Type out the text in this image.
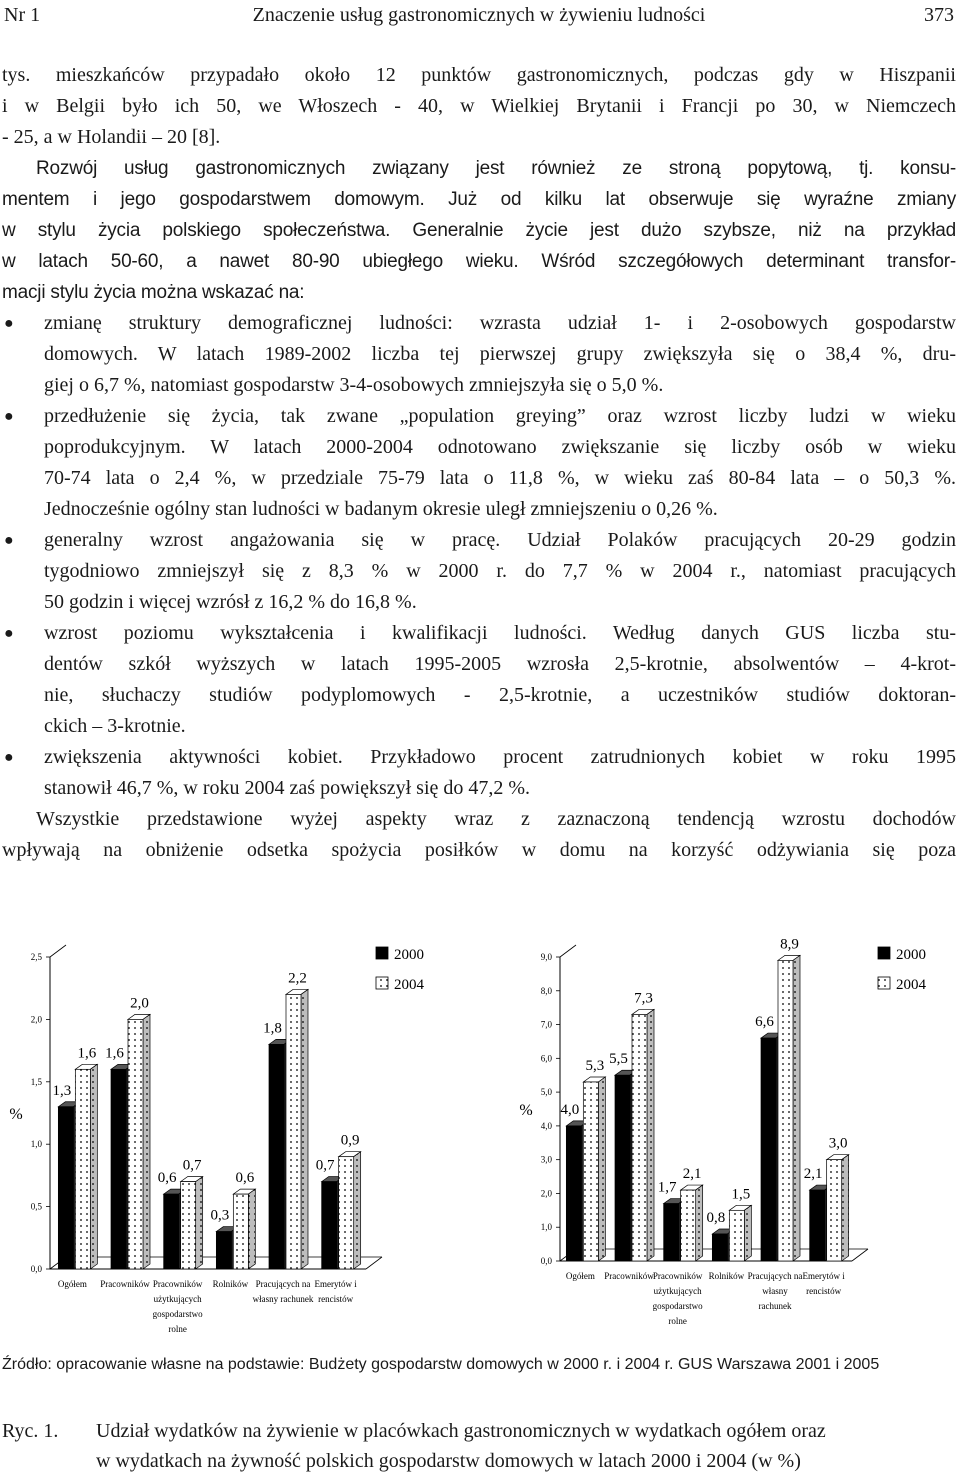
Nr 1	Znaczenie usług gastronomicznych w żywieniu ludności	373
tys. mieszkańców przypadało około 12 punktów gastronomicznych, podczas gdy w Hiszpanii
i w Belgii było ich 50, we Włoszech - 40, w Wielkiej Brytanii i Francji po 30, w Niemczech
- 25, a w Holandii – 20 [8].
Rozwój usług gastronomicznych związany jest również ze stroną popytową, tj. konsu-
mentem i jego gospodarstwem domowym. Już od kilku lat obserwuje się wyraźne zmiany
w stylu życia polskiego społeczeństwa. Generalnie życie jest dużo szybsze, niż na przykład
w latach 50-60, a nawet 80-90 ubiegłego wieku. Wśród szczegółowych determinant transfor-
macji stylu życia można wskazać na:
● zmianę struktury demograficznej ludności: wzrasta udział 1- i 2-osobowych gospodarstw
domowych. W latach 1989-2002 liczba tej pierwszej grupy zwiększyła się o 38,4 %, dru-
giej o 6,7 %, natomiast gospodarstw 3-4-osobowych zmniejszyła się o 5,0 %.
● przedłużenie się życia, tak zwane „population greying” oraz wzrost liczby ludzi w wieku
poprodukcyjnym. W latach 2000-2004 odnotowano zwiększanie się liczby osób w wieku
70-74 lata o 2,4 %, w przedziale 75-79 lata o 11,8 %, w wieku zaś 80-84 lata – o 50,3 %.
Jednocześnie ogólny stan ludności w badanym okresie uległ zmniejszeniu o 0,26 %.
● generalny wzrost angażowania się w pracę. Udział Polaków pracujących 20-29 godzin
tygodniowo zmniejszył się z 8,3 % w 2000 r. do 7,7 % w 2004 r., natomiast pracujących
50 godzin i więcej wzrósł z 16,2 % do 16,8 %.
● wzrost poziomu wykształcenia i kwalifikacji ludności. Według danych GUS liczba stu-
dentów szkół wyższych w latach 1995-2005 wzrosła 2,5-krotnie, absolwentów – 4-krot-
nie, słuchaczy studiów podyplomowych - 2,5-krotnie, a uczestników studiów doktoran-
ckich – 3-krotnie.
● zwiększenia aktywności kobiet. Przykładowo procent zatrudnionych kobiet w roku 1995
stanowił 46,7 %, w roku 2004 zaś powiększył się do 47,2 %.
Wszystkie przedstawione wyżej aspekty wraz z zaznaczoną tendencją wzrostu dochodów
wpływają na obniżenie odsetka spożycia posiłków w domu na korzyść odżywiania się poza
0,0
0,5
1,0
1,5
2,0
2,5
%
1,3
1,6
Ogółem
1,6
2,0
Pracowników
0,6
0,7
Pracowników
użytkujących
gospodarstwo
rolne
0,3
0,6
Rolników
1,8
2,2
Pracujących na
własny rachunek
0,7
0,9
Emerytów i
rencistów
2000
2004
0,0
1,0
2,0
3,0
4,0
5,0
6,0
7,0
8,0
9,0
% 4,0
5,3
Ogółem
5,5
7,3
Pracowników
1,7
2,1
Pracowników
użytkujących
gospodarstwo
rolne
0,8
1,5
Rolników
6,6
8,9
Pracujących na
własny
rachunek
2,1
3,0
Emerytów i
rencistów
2000
2004
Źródło: opracowanie własne na podstawie: Budżety gospodarstw domowych w 2000 r. i 2004 r. GUS Warszawa 2001 i 2005
Ryc. 1. Udział wydatków na żywienie w placówkach gastronomicznych w wydatkach ogółem oraz
w wydatkach na żywność polskich gospodarstw domowych w latach 2000 i 2004 (w %)
